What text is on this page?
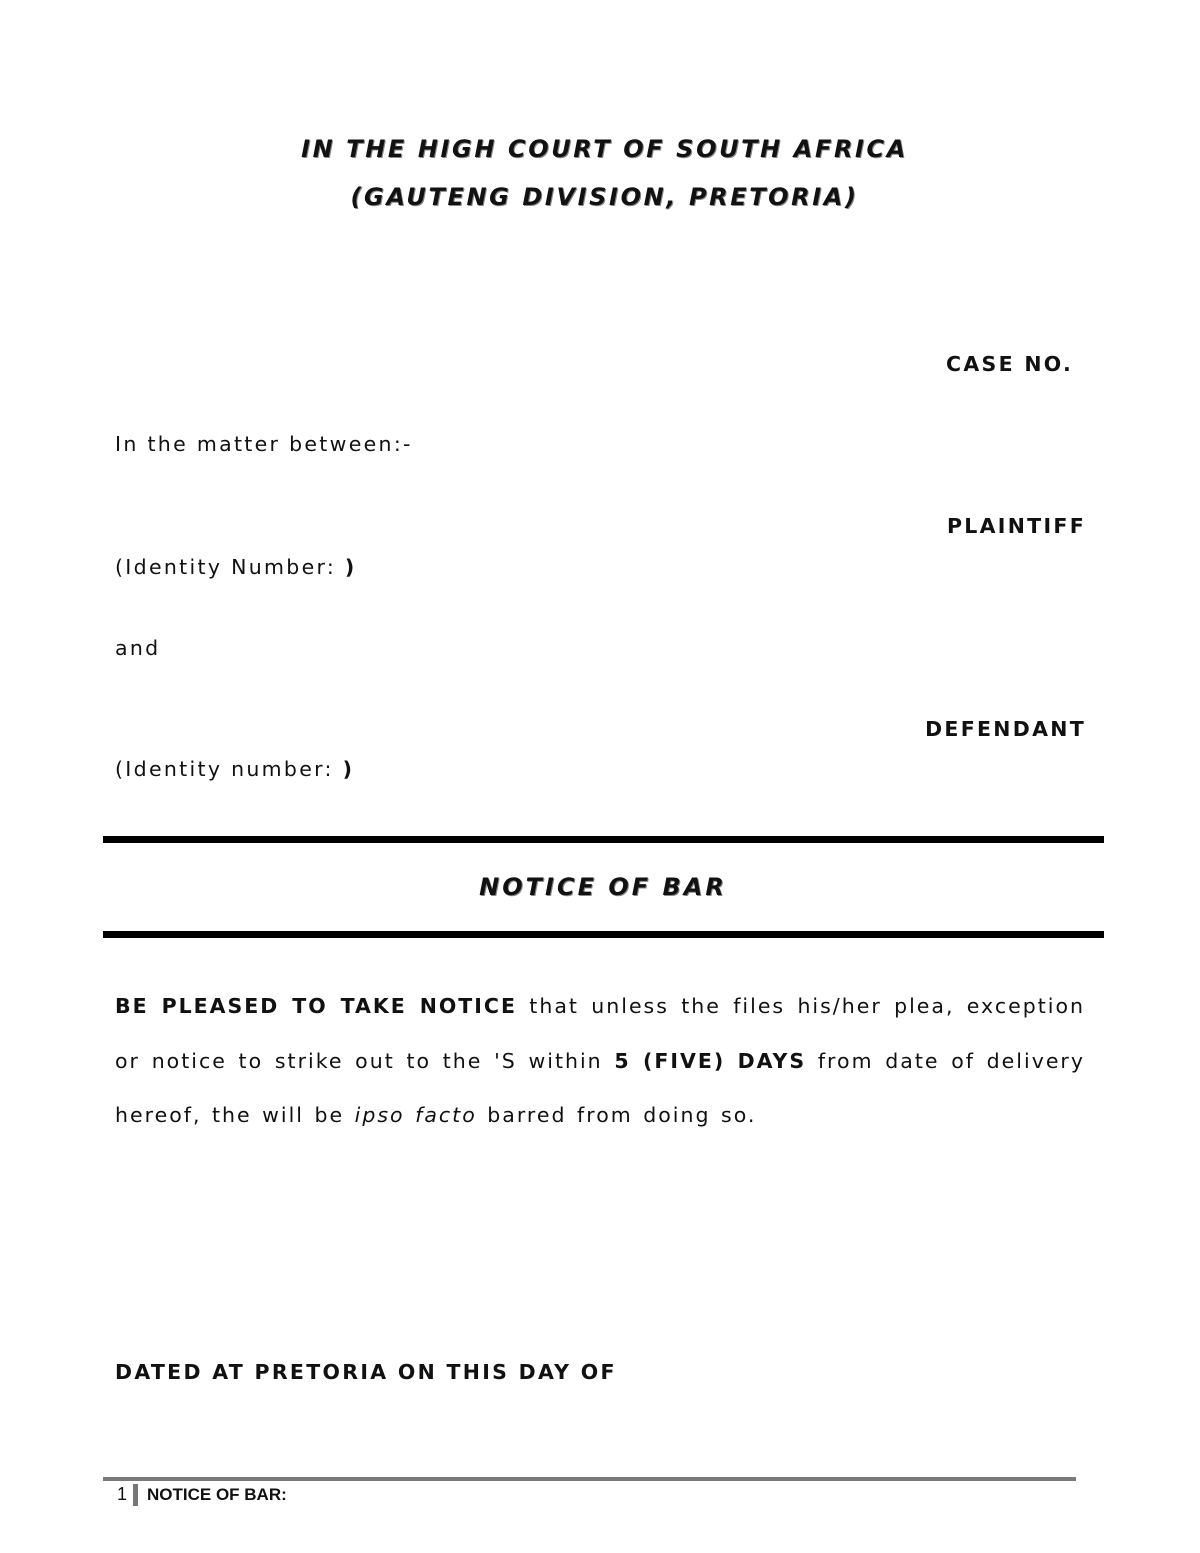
IN THE HIGH COURT OF SOUTH AFRICA
(GAUTENG DIVISION, PRETORIA)
CASE NO.
In the matter between:-
PLAINTIFF
(Identity Number: )
and
DEFENDANT
(Identity number: )
NOTICE OF BAR
BE PLEASED TO TAKE NOTICE that unless the files his/her plea, exception
or notice to strike out to the 'S within 5 (FIVE) DAYS from date of delivery
hereof, the will be ipso facto barred from doing so.
DATED AT PRETORIA ON THIS DAY OF
1 NOTICE OF BAR:
